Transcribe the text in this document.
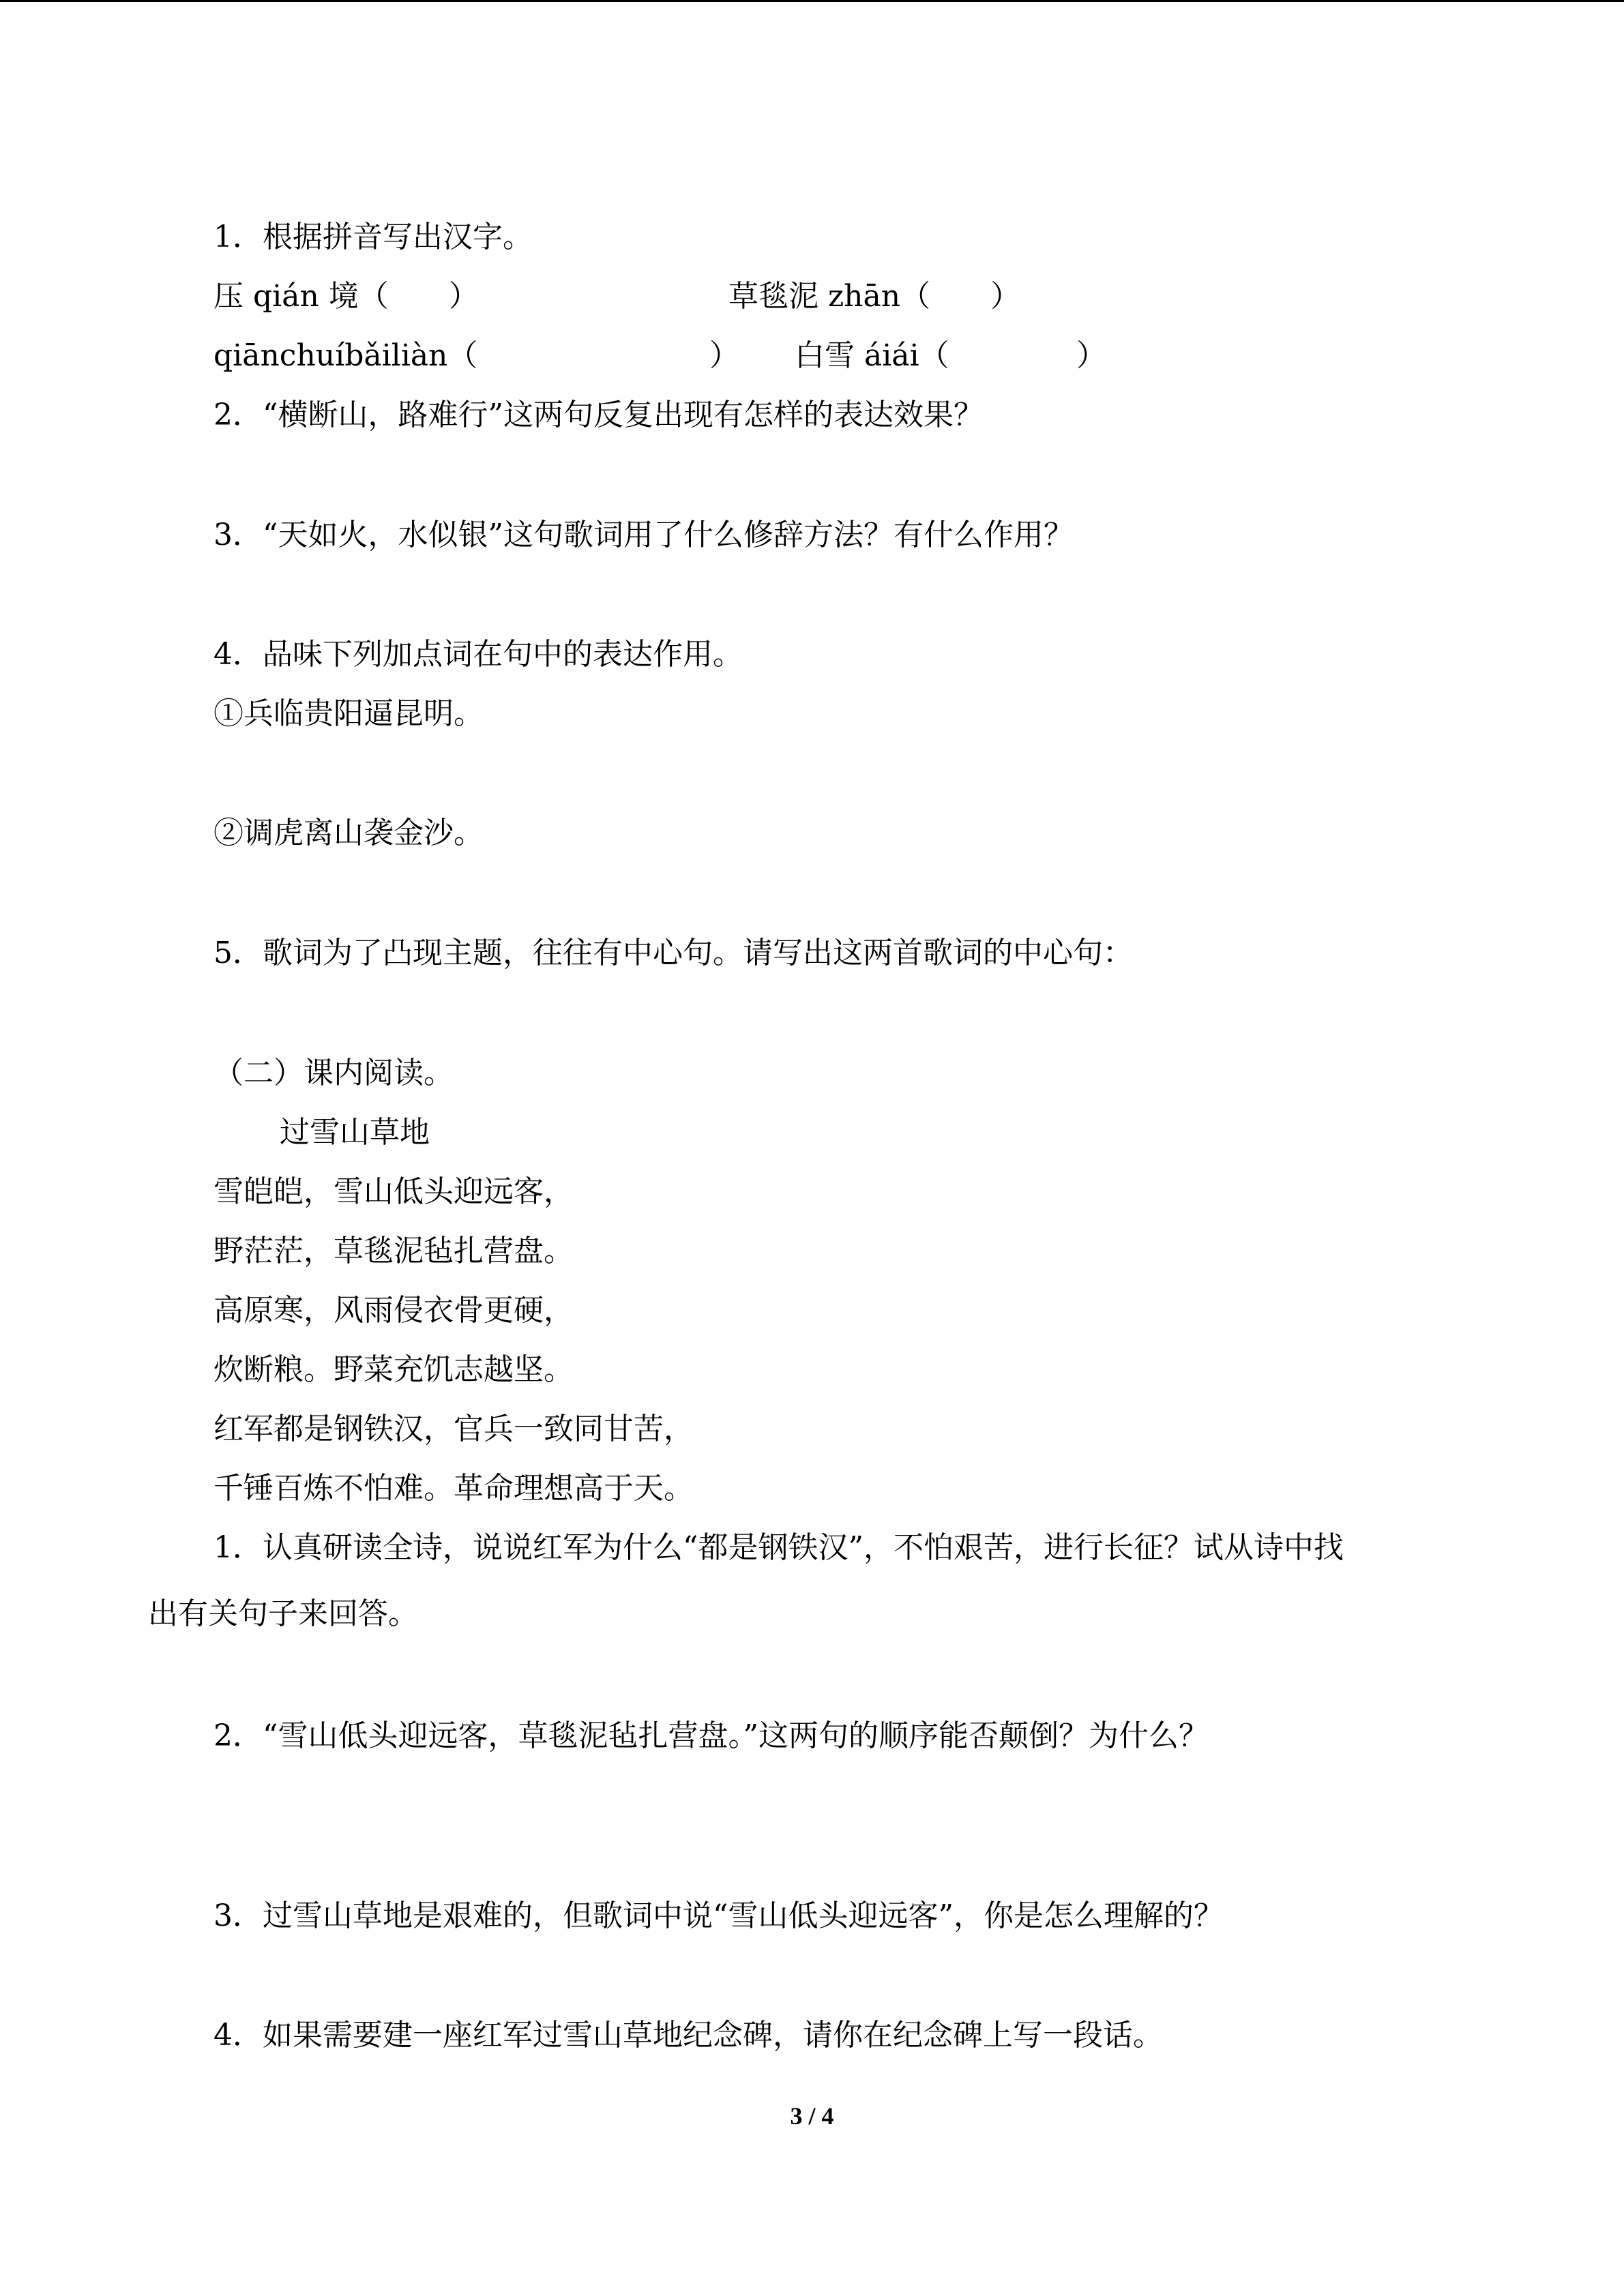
1．根据拼音写出汉字。
压 qián 境（　　）	草毯泥 zhān（　　）
qiānchuíbǎiliàn（	） 白雪 áiái（	）
2．“横断山，路难行”这两句反复出现有怎样的表达效果？
3．“天如火，水似银”这句歌词用了什么修辞方法？有什么作用？
4．品味下列加点词在句中的表达作用。
①兵临贵阳逼昆明。
②调虎离山袭金沙。
5．歌词为了凸现主题，往往有中心句。请写出这两首歌词的中心句：
（二）课内阅读。
过雪山草地
雪皑皑，雪山低头迎远客，
野茫茫，草毯泥毡扎营盘。
高原寒，风雨侵衣骨更硬，
炊断粮。野菜充饥志越坚。
红军都是钢铁汉，官兵一致同甘苦，
千锤百炼不怕难。革命理想高于天。
1．认真研读全诗，说说红军为什么“都是钢铁汉”，不怕艰苦，进行长征？试从诗中找
出有关句子来回答。
2．“雪山低头迎远客，草毯泥毡扎营盘。”这两句的顺序能否颠倒？为什么？
3．过雪山草地是艰难的，但歌词中说“雪山低头迎远客”，你是怎么理解的？
4．如果需要建一座红军过雪山草地纪念碑，请你在纪念碑上写一段话。
3 / 4
